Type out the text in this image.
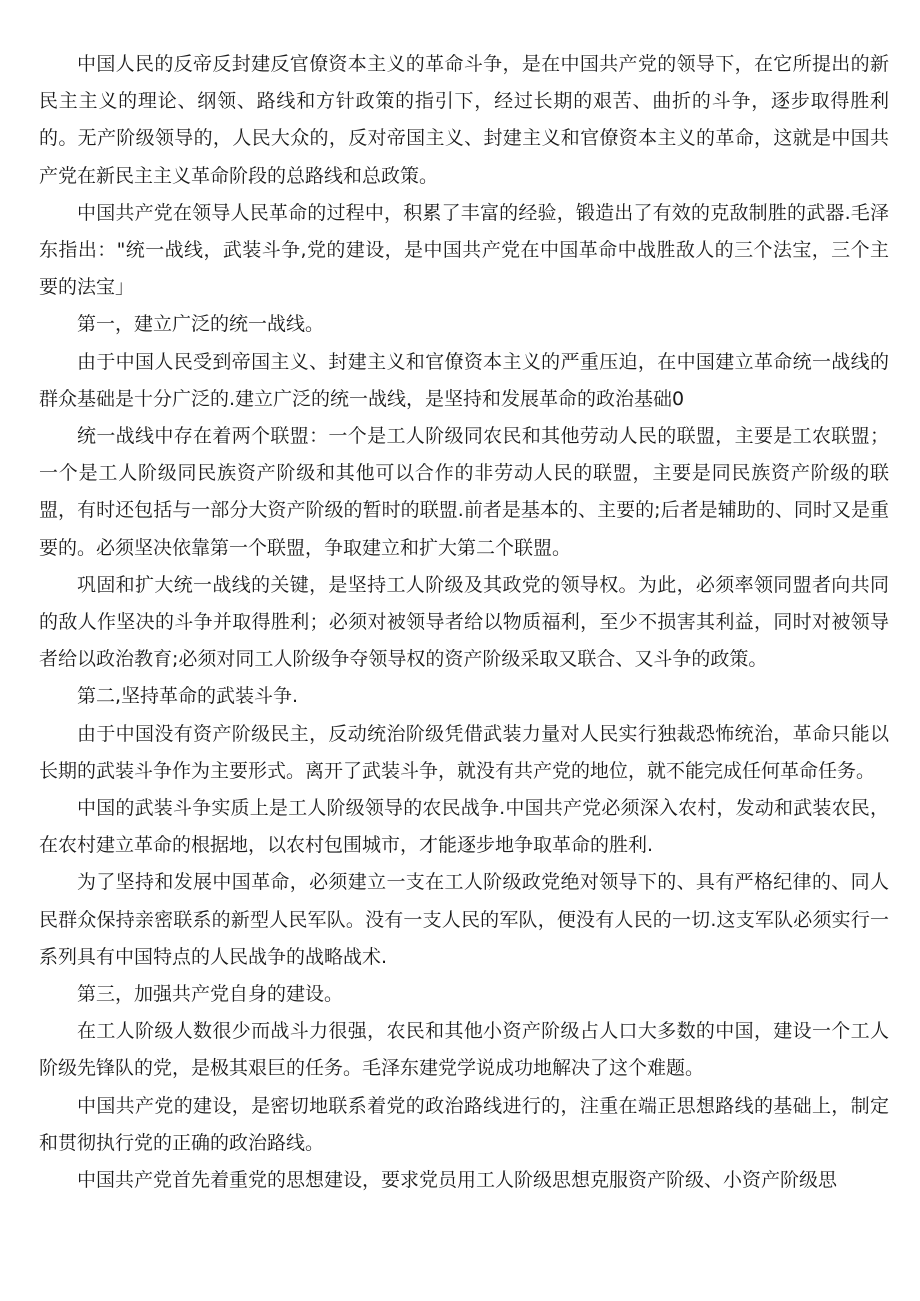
中国人民的反帝反封建反官僚资本主义的革命斗争，是在中国共产党的领导下，在它所提出的新民主主义的理论、纲领、路线和方针政策的指引下，经过长期的艰苦、曲折的斗争，逐步取得胜利的。无产阶级领导的，人民大众的，反对帝国主义、封建主义和官僚资本主义的革命，这就是中国共产党在新民主主义革命阶段的总路线和总政策。

中国共产党在领导人民革命的过程中，积累了丰富的经验，锻造出了有效的克敌制胜的武器.毛泽东指出："统一战线，武装斗争,党的建设，是中国共产党在中国革命中战胜敌人的三个法宝，三个主要的法宝」

第一，建立广泛的统一战线。

由于中国人民受到帝国主义、封建主义和官僚资本主义的严重压迫，在中国建立革命统一战线的群众基础是十分广泛的.建立广泛的统一战线，是坚持和发展革命的政治基础0

统一战线中存在着两个联盟：一个是工人阶级同农民和其他劳动人民的联盟，主要是工农联盟；一个是工人阶级同民族资产阶级和其他可以合作的非劳动人民的联盟，主要是同民族资产阶级的联盟，有时还包括与一部分大资产阶级的暂时的联盟.前者是基本的、主要的;后者是辅助的、同时又是重要的。必须坚决依靠第一个联盟，争取建立和扩大第二个联盟。

巩固和扩大统一战线的关键，是坚持工人阶级及其政党的领导权。为此，必须率领同盟者向共同的敌人作坚决的斗争并取得胜利；必须对被领导者给以物质福利，至少不损害其利益，同时对被领导者给以政治教育;必须对同工人阶级争夺领导权的资产阶级采取又联合、又斗争的政策。

第二,坚持革命的武装斗争.

由于中国没有资产阶级民主，反动统治阶级凭借武装力量对人民实行独裁恐怖统治，革命只能以长期的武装斗争作为主要形式。离开了武装斗争，就没有共产党的地位，就不能完成任何革命任务。

中国的武装斗争实质上是工人阶级领导的农民战争.中国共产党必须深入农村，发动和武装农民，在农村建立革命的根据地，以农村包围城市，才能逐步地争取革命的胜利.

为了坚持和发展中国革命，必须建立一支在工人阶级政党绝对领导下的、具有严格纪律的、同人民群众保持亲密联系的新型人民军队。没有一支人民的军队，便没有人民的一切.这支军队必须实行一系列具有中国特点的人民战争的战略战术.

第三，加强共产党自身的建设。

在工人阶级人数很少而战斗力很强，农民和其他小资产阶级占人口大多数的中国，建设一个工人阶级先锋队的党，是极其艰巨的任务。毛泽东建党学说成功地解决了这个难题。

中国共产党的建设，是密切地联系着党的政治路线进行的，注重在端正思想路线的基础上，制定和贯彻执行党的正确的政治路线。

中国共产党首先着重党的思想建设，要求党员用工人阶级思想克服资产阶级、小资产阶级思
